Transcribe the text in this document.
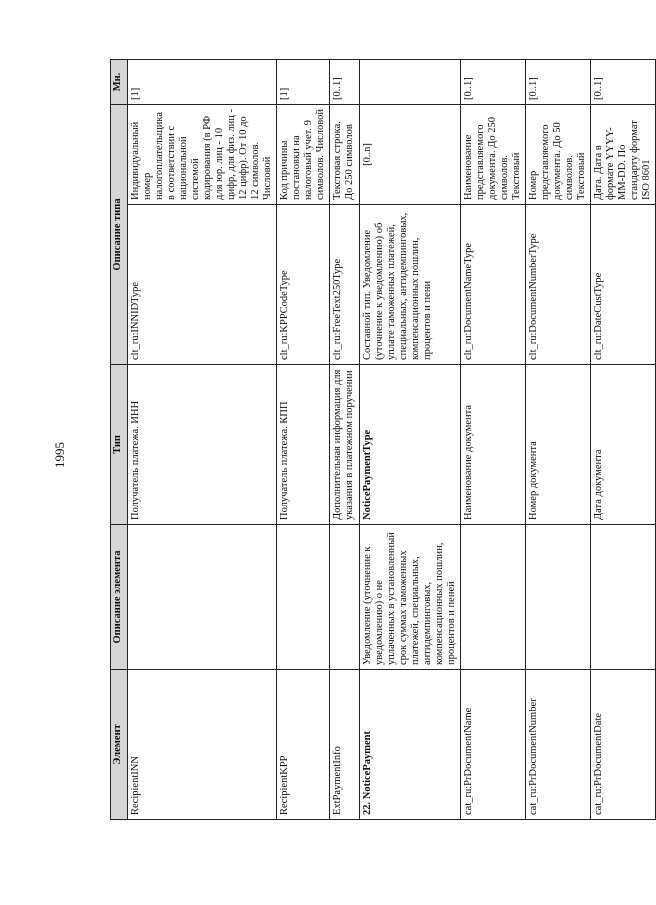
1995
Элемент	Описание элемента	Тип	Описание типа		Мн.
RecipientINN		Получатель платежа. ИНН	clt_ru:INNIDType	Индивидуальный номер налогоплательщика в соответствии с национальной системой кодирования (в РФ для юр. лиц - 10 цифр, для физ. лиц - 12 цифр). От 10 до 12 символов. Числовой	[1]
RecipientKPP		Получатель платежа. КПП	clt_ru:KPPCodeType	Код причины постановки на налоговый учет. 9 символов. Числовой	[1]
ExtPaymentInfo		Дополнительная информация для указания в платежном поручении	clt_ru:FreeText250Type	Текстовая строка. До 250 символов	[0..1]
22. NoticePayment	Уведомление (уточнение к уведомлению) о не уплаченных в установленный срок суммах таможенных платежей, специальных, антидемпинговых, компенсационных пошлин, процентов и пеней	NoticePaymentType	Составной тип. Уведомление (уточнение к уведомлению) об уплате таможенных платежей, специальных, антидемпинговых, компенсационных пошлин, процентов и пени	[0..n]	
cat_ru:PrDocumentName		Наименование документа	clt_ru:DocumentNameType	Наименование представляемого документа. До 250 символов. Текстовый	[0..1]
cat_ru:PrDocumentNumber		Номер документа	clt_ru:DocumentNumberType	Номер представляемого документа. До 50 символов. Текстовый	[0..1]
cat_ru:PrDocumentDate		Дата документа	clt_ru:DateCustType	Дата. Дата в формате YYYY-MM-DD. По стандарту формат ISO 8601	[0..1]
